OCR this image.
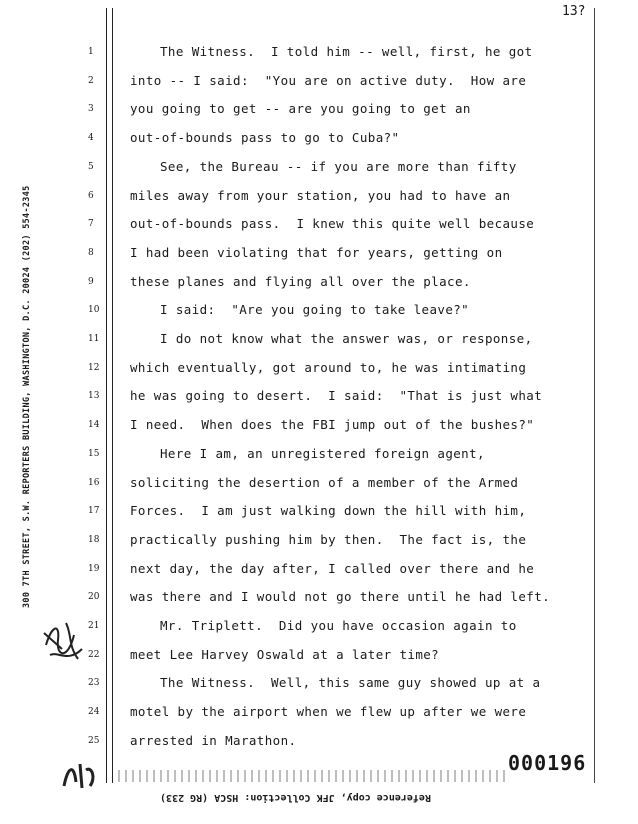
13?
300 7TH STREET, S.W. REPORTERS BUILDING, WASHINGTON, D.C. 20024 (202) 554-2345
1	The Witness.  I told him -- well, first, he got
2	into -- I said:  "You are on active duty.  How are
3	you going to get -- are you going to get an
4	out-of-bounds pass to go to Cuba?"
5	See, the Bureau -- if you are more than fifty
6	miles away from your station, you had to have an
7	out-of-bounds pass.  I knew this quite well because
8	I had been violating that for years, getting on
9	these planes and flying all over the place.
10	I said:  "Are you going to take leave?"
11	I do not know what the answer was, or response,
12 which eventually, got around to, he was intimating
13 he was going to desert.  I said:  "That is just what
14 I need.  When does the FBI jump out of the bushes?"
15	Here I am, an unregistered foreign agent,
16 soliciting the desertion of a member of the Armed
17 Forces.  I am just walking down the hill with him,
18 practically pushing him by then.  The fact is, the
19 next day, the day after, I called over there and he
20 was there and I would not go there until he had left.
21	Mr. Triplett.  Did you have occasion again to
22 meet Lee Harvey Oswald at a later time?
23	The Witness.  Well, this same guy showed up at a
24 motel by the airport when we flew up after we were
25 arrested in Marathon.
000196
Reference copy, JFK Collection: HSCA (RG 233)
